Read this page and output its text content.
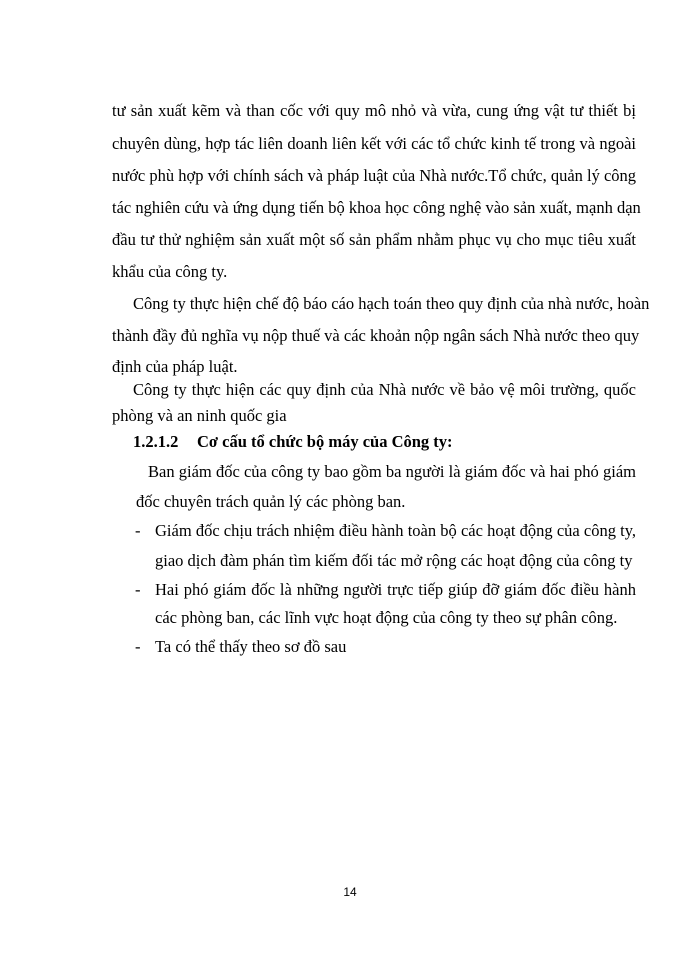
tư sản xuất kẽm và than cốc với quy mô nhỏ và vừa, cung ứng vật tư thiết bị
chuyên dùng, hợp tác liên doanh liên kết với các tổ chức kinh tế trong và ngoài
nước phù hợp với chính sách và pháp luật của Nhà nước.Tổ chức, quản lý công
tác nghiên cứu và ứng dụng tiến bộ khoa học công nghệ vào sản xuất, mạnh dạn
đầu tư thử nghiệm sản xuất một số sản phẩm nhằm phục vụ cho mục tiêu xuất
khẩu của công ty.
Công ty thực hiện chế độ báo cáo hạch toán theo quy định của nhà nước, hoàn
thành đầy đủ nghĩa vụ nộp thuế và các khoản nộp ngân sách Nhà nước theo quy
định của pháp luật.
Công ty thực hiện các quy định của Nhà nước về bảo vệ môi trường, quốc
phòng và an ninh quốc gia
1.2.1.2 Cơ cấu tổ chức bộ máy của Công ty:
Ban giám đốc của công ty bao gồm ba người là giám đốc và hai phó giám
đốc chuyên trách quản lý các phòng ban.
- Giám đốc chịu trách nhiệm điều hành toàn bộ các hoạt động của công ty,
giao dịch đàm phán tìm kiếm đối tác mở rộng các hoạt động của công ty
- Hai phó giám đốc là những người trực tiếp giúp đỡ giám đốc điều hành
các phòng ban, các lĩnh vực hoạt động của công ty theo sự phân công.
- Ta có thể thấy theo sơ đồ sau
14
